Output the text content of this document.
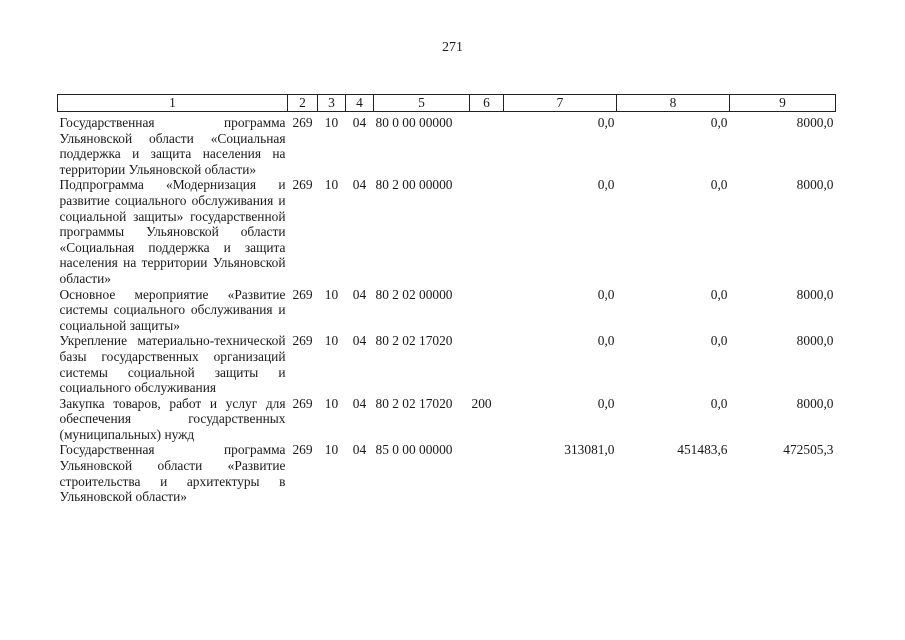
271
1	2	3	4	5	6	7	8	9

Государственная программа Ульяновской области «Социальная поддержка и защита населения на территории Ульяновской области»	269	10	04	80 0 00 00000		0,0	0,0	8000,0
Подпрограмма «Модернизация и развитие социального обслуживания и социальной защиты» государственной программы Ульяновской области «Социальная поддержка и защита населения на территории Ульяновской области»	269	10	04	80 2 00 00000		0,0	0,0	8000,0
Основное мероприятие «Развитие системы социального обслуживания и социальной защиты»	269	10	04	80 2 02 00000		0,0	0,0	8000,0
Укрепление материально-технической базы государственных организаций системы социальной защиты и социального обслуживания	269	10	04	80 2 02 17020		0,0	0,0	8000,0
Закупка товаров, работ и услуг для обеспечения государственных (муниципальных) нужд	269	10	04	80 2 02 17020	200	0,0	0,0	8000,0
Государственная программа Ульяновской области «Развитие строительства и архитектуры в Ульяновской области»	269	10	04	85 0 00 00000		313081,0	451483,6	472505,3
